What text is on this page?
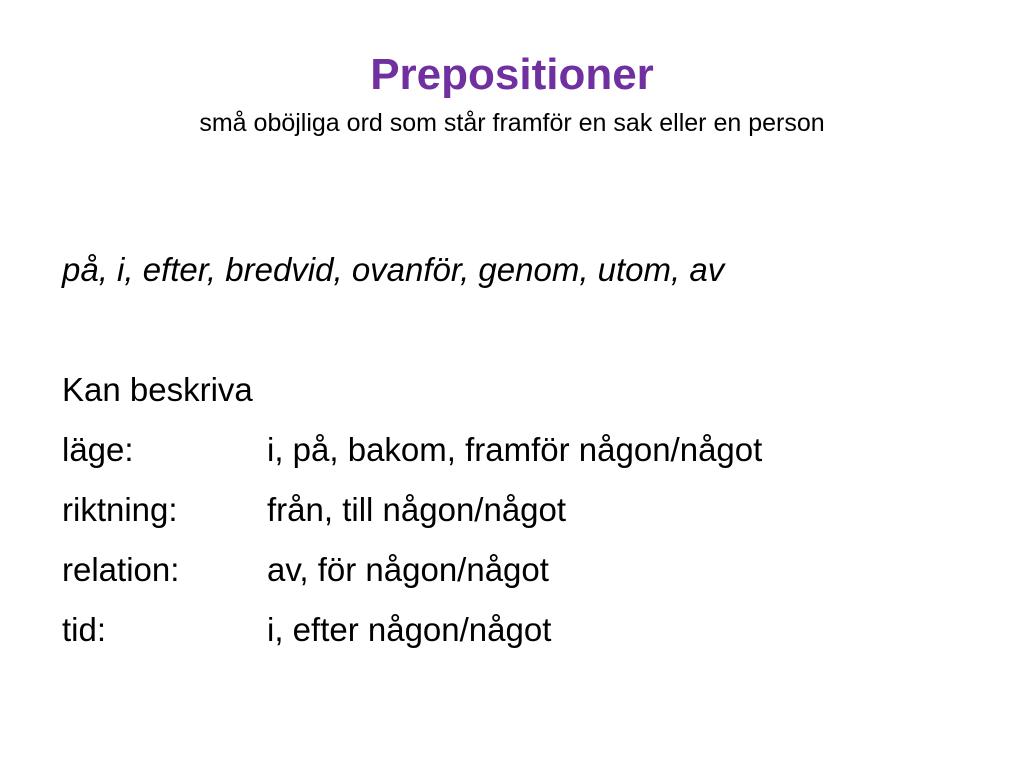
Prepositioner

små oböjliga ord som står framför en sak eller en person

på, i, efter, bredvid, ovanför, genom, utom, av
Kan beskriva
läge:	i, på, bakom, framför någon/något
riktning:	från, till någon/något
relation:	av, för någon/något
tid:	i, efter någon/något
